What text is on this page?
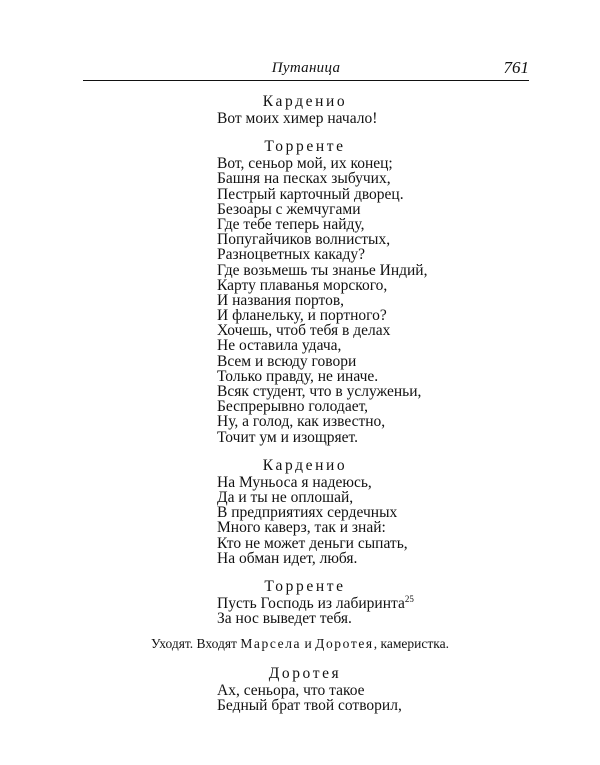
Путаница	761
Карденио
Вот моих химер начало!
Торренте
Вот, сеньор мой, их конец;
Башня на песках зыбучих,
Пестрый карточный дворец.
Безоары с жемчугами
Где тебе теперь найду,
Попугайчиков волнистых,
Разноцветных какаду?
Где возьмешь ты знанье Индий,
Карту плаванья морского,
И названия портов,
И фланельку, и портного?
Хочешь, чтоб тебя в делах
Не оставила удача,
Всем и всюду говори
Только правду, не иначе.
Всяк студент, что в услуженьи,
Беспрерывно голодает,
Ну, а голод, как известно,
Точит ум и изощряет.
Карденио
На Муньоса я надеюсь,
Да и ты не оплошай,
В предприятиях сердечных
Много каверз, так и знай:
Кто не может деньги сыпать,
На обман идет, любя.
Торренте
Пусть Господь из лабиринта$^{25}$
За нос выведет тебя.
Уходят. Входят Марсела и Доротея, камеристка.
Доротея
Ах, сеньора, что такое
Бедный брат твой сотворил,
